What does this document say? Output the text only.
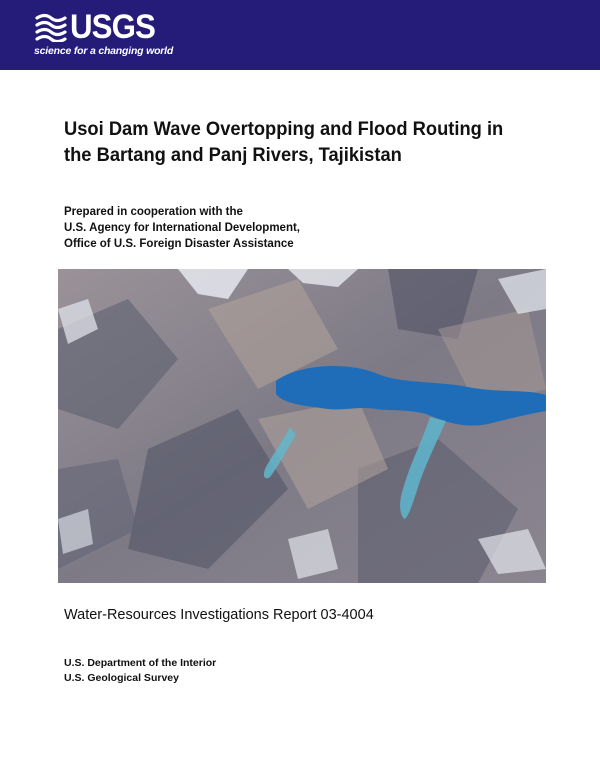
USGS
science for a changing world
Usoi Dam Wave Overtopping and Flood Routing in the Bartang and Panj Rivers, Tajikistan
Prepared in cooperation with the
U.S. Agency for International Development,
Office of U.S. Foreign Disaster Assistance
Water-Resources Investigations Report 03-4004
U.S. Department of the Interior
U.S. Geological Survey
